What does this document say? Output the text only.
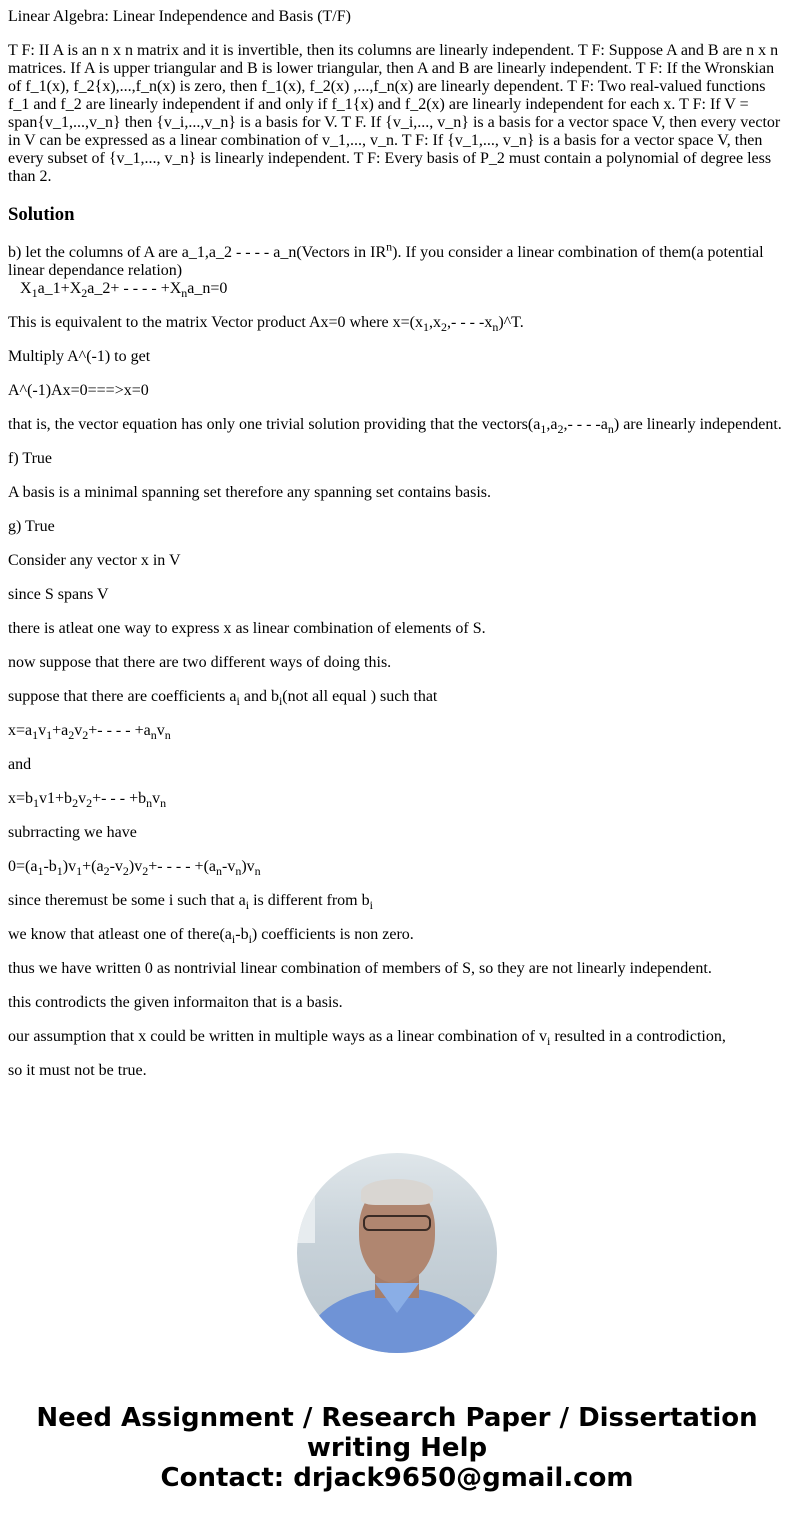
Linear Algebra: Linear Independence and Basis (T/F)

T F: II A is an n x n matrix and it is invertible, then its columns are linearly independent. T F: Suppose A and B are n x n matrices. If A is upper triangular and B is lower triangular, then A and B are linearly independent. T F: If the Wronskian of f_1(x), f_2{x),...,f_n(x) is zero, then f_1(x), f_2(x) ,...,f_n(x) are linearly dependent. T F: Two real-valued functions f_1 and f_2 are linearly independent if and only if f_1{x) and f_2(x) are linearly independent for each x. T F: If V = span{v_1,...,v_n} then {v_i,...,v_n} is a basis for V. T F. If {v_i,..., v_n} is a basis for a vector space V, then every vector in V can be expressed as a linear combination of v_1,..., v_n. T F: If {v_1,..., v_n} is a basis for a vector space V, then every subset of {v_1,..., v_n} is linearly independent. T F: Every basis of P_2 must contain a polynomial of degree less than 2.

Solution

b) let the columns of A are a_1,a_2 - - - - a_n(Vectors in $IR^n$). If you consider a linear combination of them(a potential linear dependance relation)
$X_1a\_1+X_2a\_2+$ - - - - $+X_na\_n=0$

This is equivalent to the matrix Vector product Ax=0 where $x=(x_1,x_2,-$ - - $-x_n)\^{}T$.

Multiply A^(-1) to get

A^(-1)Ax=0===>x=0

that is, the vector equation has only one trivial solution providing that the $vectors(a_1,a_2,-$ - - $-a_n$) are linearly independent.

f) True

A basis is a minimal spanning set therefore any spanning set contains basis.

g) True

Consider any vector x in V

since S spans V

there is atleat one way to express x as linear combination of elements of S.

now suppose that there are two different ways of doing this.

suppose that there are coefficients $a_i$ and $b_i(not$ all equal ) such that

$x=a_1v_1+a_2v_2+-$ - - - $+a_nv_n$

and

$x=b_1v1+b_2v_2+-$ - - $+b_nv_n$

subrracting we have

$0=(a_1-b_1)v_1+(a_2-v_2)v_2+-$ - - - $+(a_n-v_n)v_n$

since theremust be some i such that $a_i$ is different from $b_i$

we know that atleast one of $there(a_i-b_i)$ coefficients is non zero.

thus we have written 0 as nontrivial linear combination of members of S, so they are not linearly independent.

this controdicts the given informaiton that is a basis.

our assumption that x could be written in multiple ways as a linear combination of $v_i$ resulted in a controdiction,

so it must not be true.

Need Assignment / Research Paper / Dissertation writing Help
Contact: drjack9650@gmail.com
